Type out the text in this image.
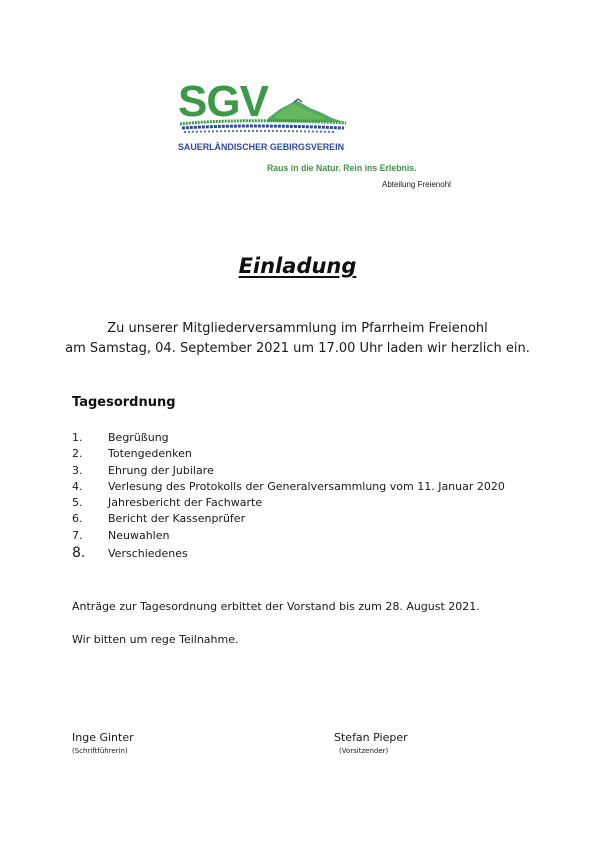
SGV
SAUERLÄNDISCHER GEBIRGSVEREIN
Raus in die Natur. Rein ins Erlebnis.
Abteilung Freienohl
Einladung
Zu unserer Mitgliederversammlung im Pfarrheim Freienohl
am Samstag, 04. September 2021 um 17.00 Uhr laden wir herzlich ein.
Tagesordnung
1. Begrüßung
2. Totengedenken
3. Ehrung der Jubilare
4. Verlesung des Protokolls der Generalversammlung vom 11. Januar 2020
5. Jahresbericht der Fachwarte
6. Bericht der Kassenprüfer
7. Neuwahlen
8. Verschiedenes
Anträge zur Tagesordnung erbittet der Vorstand bis zum 28. August 2021.
Wir bitten um rege Teilnahme.
Inge Ginter
(Schriftführerin)
Stefan Pieper
(Vorsitzender)
